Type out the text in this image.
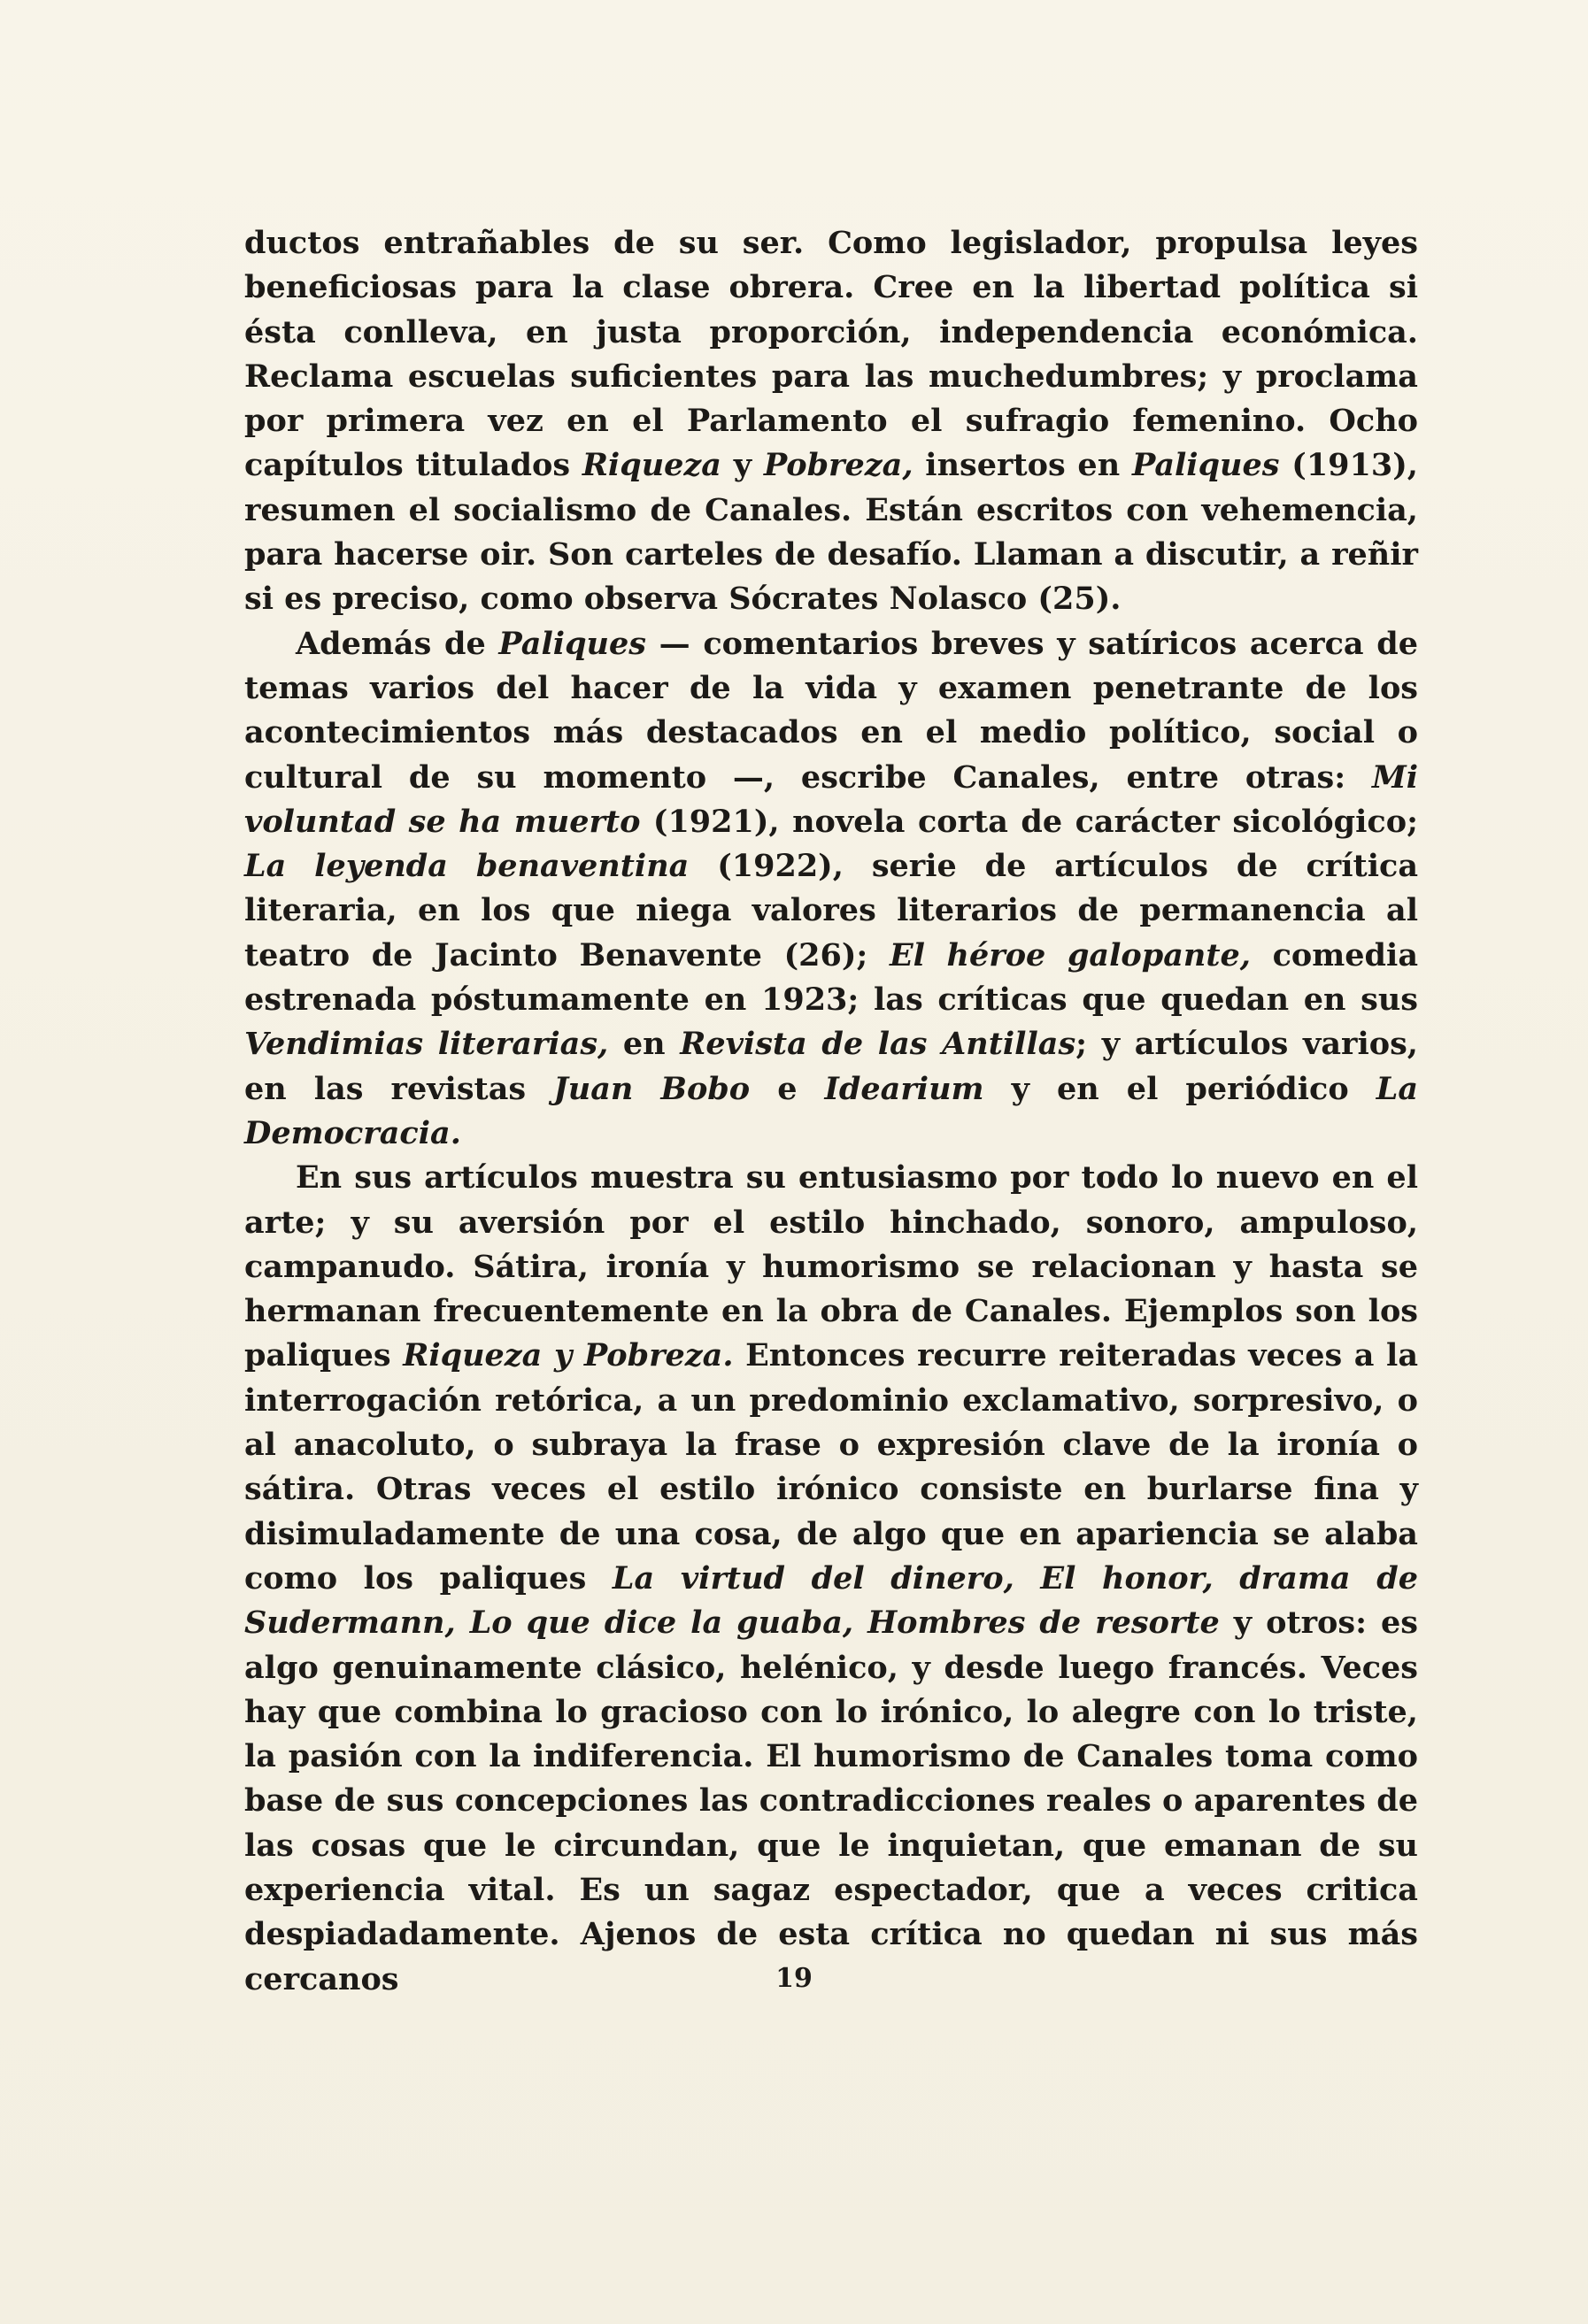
ductos entrañables de su ser. Como legislador, propulsa leyes beneficiosas para la clase obrera. Cree en la libertad política si ésta conlleva, en justa proporción, independencia económica. Reclama escuelas suficientes para las muchedumbres; y proclama por primera vez en el Parlamento el sufragio femenino. Ocho capítulos titulados Riqueza y Pobreza, insertos en Paliques (1913), resumen el socialismo de Canales. Están escritos con vehemencia, para hacerse oir. Son carteles de desafío. Llaman a discutir, a reñir si es preciso, como observa Sócrates Nolasco (25).

Además de Paliques — comentarios breves y satíricos acerca de temas varios del hacer de la vida y examen penetrante de los acontecimientos más destacados en el medio político, social o cultural de su momento —, escribe Canales, entre otras: Mi voluntad se ha muerto (1921), novela corta de carácter sicológico; La leyenda benaventina (1922), serie de artículos de crítica literaria, en los que niega valores literarios de permanencia al teatro de Jacinto Benavente (26); El héroe galopante, comedia estrenada póstumamente en 1923; las críticas que quedan en sus Vendimias literarias, en Revista de las Antillas; y artículos varios, en las revistas Juan Bobo e Idearium y en el periódico La Democracia.

En sus artículos muestra su entusiasmo por todo lo nuevo en el arte; y su aversión por el estilo hinchado, sonoro, ampuloso, campanudo. Sátira, ironía y humorismo se relacionan y hasta se hermanan frecuentemente en la obra de Canales. Ejemplos son los paliques Riqueza y Pobreza. Entonces recurre reiteradas veces a la interrogación retórica, a un predominio exclamativo, sorpresivo, o al anacoluto, o subraya la frase o expresión clave de la ironía o sátira. Otras veces el estilo irónico consiste en burlarse fina y disimuladamente de una cosa, de algo que en apariencia se alaba como los paliques La virtud del dinero, El honor, drama de Sudermann, Lo que dice la guaba, Hombres de resorte y otros: es algo genuinamente clásico, helénico, y desde luego francés. Veces hay que combina lo gracioso con lo irónico, lo alegre con lo triste, la pasión con la indiferencia. El humorismo de Canales toma como base de sus concepciones las contradicciones reales o aparentes de las cosas que le circundan, que le inquietan, que emanan de su experiencia vital. Es un sagaz espectador, que a veces critica despiadadamente. Ajenos de esta crítica no quedan ni sus más cercanos	19
